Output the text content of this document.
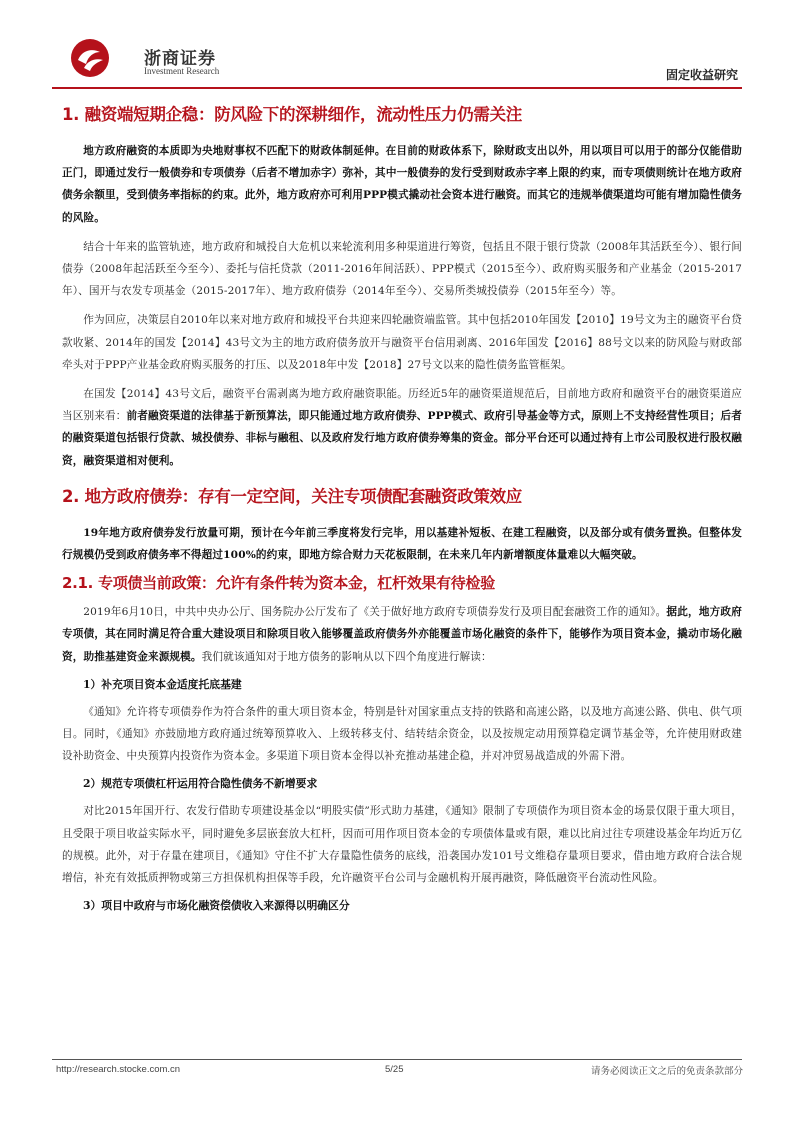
浙商证券
Investment Research	固定收益研究
1. 融资端短期企稳：防风险下的深耕细作，流动性压力仍需关注

地方政府融资的本质即为央地财事权不匹配下的财政体制延伸。在目前的财政体系下，除财政支出以外，用以项目可以用于的部分仅能借助正门，即通过发行一般债券和专项债券（后者不增加赤字）弥补，其中一般债券的发行受到财政赤字率上限的约束，而专项债则统计在地方政府债务余额里，受到债务率指标的约束。此外，地方政府亦可利用PPP模式撬动社会资本进行融资。而其它的违规举债渠道均可能有增加隐性债务的风险。

结合十年来的监管轨迹，地方政府和城投自大危机以来轮流利用多种渠道进行筹资，包括且不限于银行贷款（2008年其活跃至今）、银行间债券（2008年起活跃至今至今）、委托与信托贷款（2011-2016年间活跃）、PPP模式（2015至今）、政府购买服务和产业基金（2015-2017年）、国开与农发专项基金（2015-2017年）、地方政府债券（2014年至今）、交易所类城投债券（2015年至今）等。

作为回应，决策层自2010年以来对地方政府和城投平台共迎来四轮融资端监管。其中包括2010年国发【2010】19号文为主的融资平台贷款收紧、2014年的国发【2014】43号文为主的地方政府债务放开与融资平台信用剥离、2016年国发【2016】88号文以来的防风险与财政部牵头对于PPP产业基金政府购买服务的打压、以及2018年中发【2018】27号文以来的隐性债务监管框架。

在国发【2014】43号文后，融资平台需剥离为地方政府融资职能。历经近5年的融资渠道规范后，目前地方政府和融资平台的融资渠道应当区别来看：前者融资渠道的法律基于新预算法，即只能通过地方政府债券、PPP模式、政府引导基金等方式，原则上不支持经营性项目；后者的融资渠道包括银行贷款、城投债券、非标与融租、以及政府发行地方政府债券筹集的资金。部分平台还可以通过持有上市公司股权进行股权融资，融资渠道相对便利。

2. 地方政府债券：存有一定空间，关注专项债配套融资政策效应

19年地方政府债券发行放量可期，预计在今年前三季度将发行完毕，用以基建补短板、在建工程融资，以及部分或有债务置换。但整体发行规模仍受到政府债务率不得超过100%的约束，即地方综合财力天花板限制，在未来几年内新增额度体量难以大幅突破。

2.1. 专项债当前政策：允许有条件转为资本金，杠杆效果有待检验

2019年6月10日，中共中央办公厅、国务院办公厅发布了《关于做好地方政府专项债券发行及项目配套融资工作的通知》。据此，地方政府专项债，其在同时满足符合重大建设项目和除项目收入能够覆盖政府债务外亦能覆盖市场化融资的条件下，能够作为项目资本金，撬动市场化融资，助推基建资金来源规模。我们就该通知对于地方债务的影响从以下四个角度进行解读：

1）补充项目资本金适度托底基建

《通知》允许将专项债券作为符合条件的重大项目资本金，特别是针对国家重点支持的铁路和高速公路，以及地方高速公路、供电、供气项目。同时，《通知》亦鼓励地方政府通过统筹预算收入、上级转移支付、结转结余资金，以及按规定动用预算稳定调节基金等，允许使用财政建设补助资金、中央预算内投资作为资本金。多渠道下项目资本金得以补充推动基建企稳，并对冲贸易战造成的外需下滑。

2）规范专项债杠杆运用符合隐性债务不新增要求

对比2015年国开行、农发行借助专项建设基金以“明股实债”形式助力基建，《通知》限制了专项债作为项目资本金的场景仅限于重大项目，且受限于项目收益实际水平，同时避免多层嵌套放大杠杆，因而可用作项目资本金的专项债体量或有限，难以比肩过往专项建设基金年均近万亿的规模。此外，对于存量在建项目，《通知》守住不扩大存量隐性债务的底线，沿袭国办发101号文维稳存量项目要求，借由地方政府合法合规增信，补充有效抵质押物或第三方担保机构担保等手段，允许融资平台公司与金融机构开展再融资，降低融资平台流动性风险。

3）项目中政府与市场化融资偿债收入来源得以明确区分
http://research.stocke.com.cn	5/25	请务必阅读正文之后的免责条款部分
